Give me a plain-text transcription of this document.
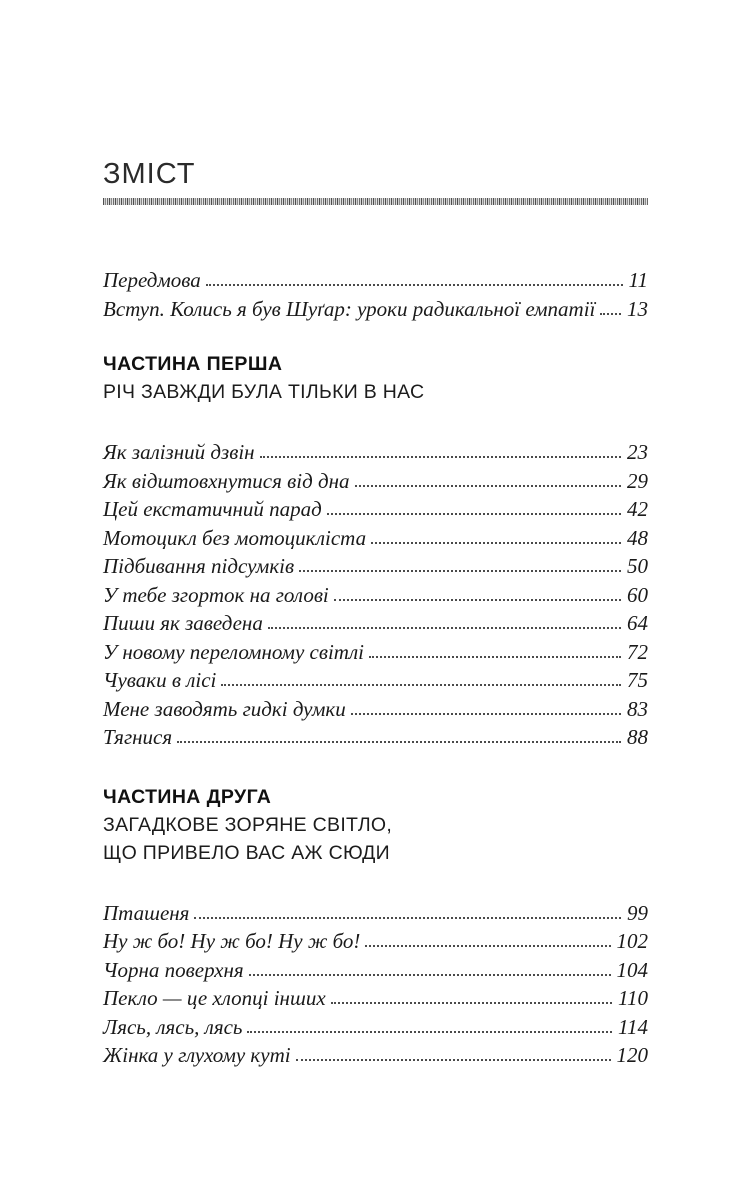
ЗМІСТ
Передмова	11
Вступ. Колись я був Шуґар: уроки радикальної емпатії 13
ЧАСТИНА ПЕРША
РІЧ ЗАВЖДИ БУЛА ТІЛЬКИ В НАС
Як залізний дзвін	23
Як відштовхнутися від дна	29
Цей екстатичний парад	42
Мотоцикл без мотоцикліста	48
Підбивання підсумків	50
У тебе згорток на голові	60
Пиши як заведена	64
У новому переломному світлі	72
Чуваки в лісі	75
Мене заводять гидкі думки	83
Тягнися	88
ЧАСТИНА ДРУГА
ЗАГАДКОВЕ ЗОРЯНЕ СВІТЛО,
ЩО ПРИВЕЛО ВАС АЖ СЮДИ
Пташеня	99
Ну ж бо! Ну ж бо! Ну ж бо!	102
Чорна поверхня	104
Пекло — це хлопці інших	110
Лясь, лясь, лясь	114
Жінка у глухому куті	120
